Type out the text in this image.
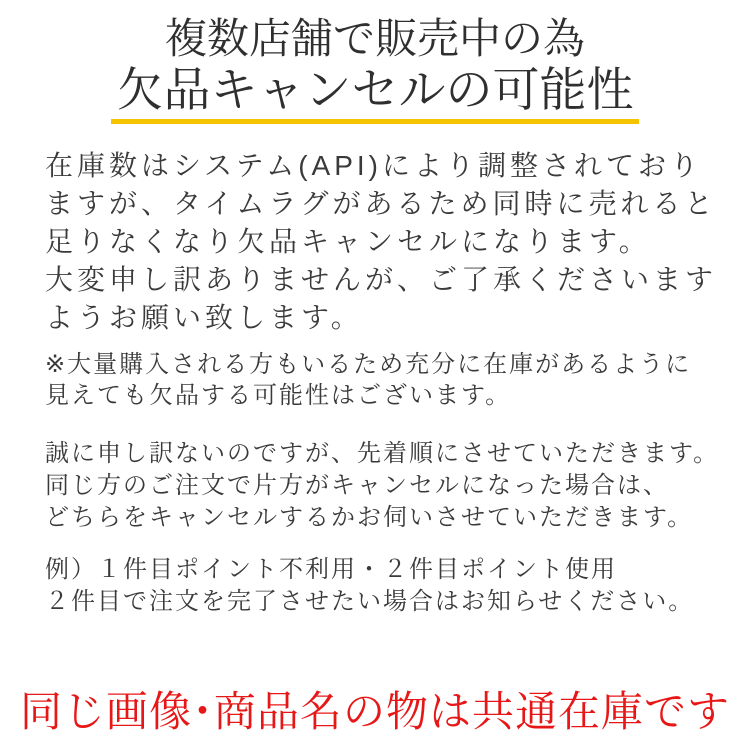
複数店舗で販売中の為
欠品キャンセルの可能性
在庫数はシステム(API)により調整されており
ますが、タイムラグがあるため同時に売れると
足りなくなり欠品キャンセルになります。
大変申し訳ありませんが、ご了承くださいます
ようお願い致します。
※大量購入される方もいるため充分に在庫があるように
見えても欠品する可能性はございます。
誠に申し訳ないのですが、先着順にさせていただきます。
同じ方のご注文で片方がキャンセルになった場合は、
どちらをキャンセルするかお伺いさせていただきます。
例）１件目ポイント不利用・２件目ポイント使用
２件目で注文を完了させたい場合はお知らせください。
同じ画像･商品名の物は共通在庫です
